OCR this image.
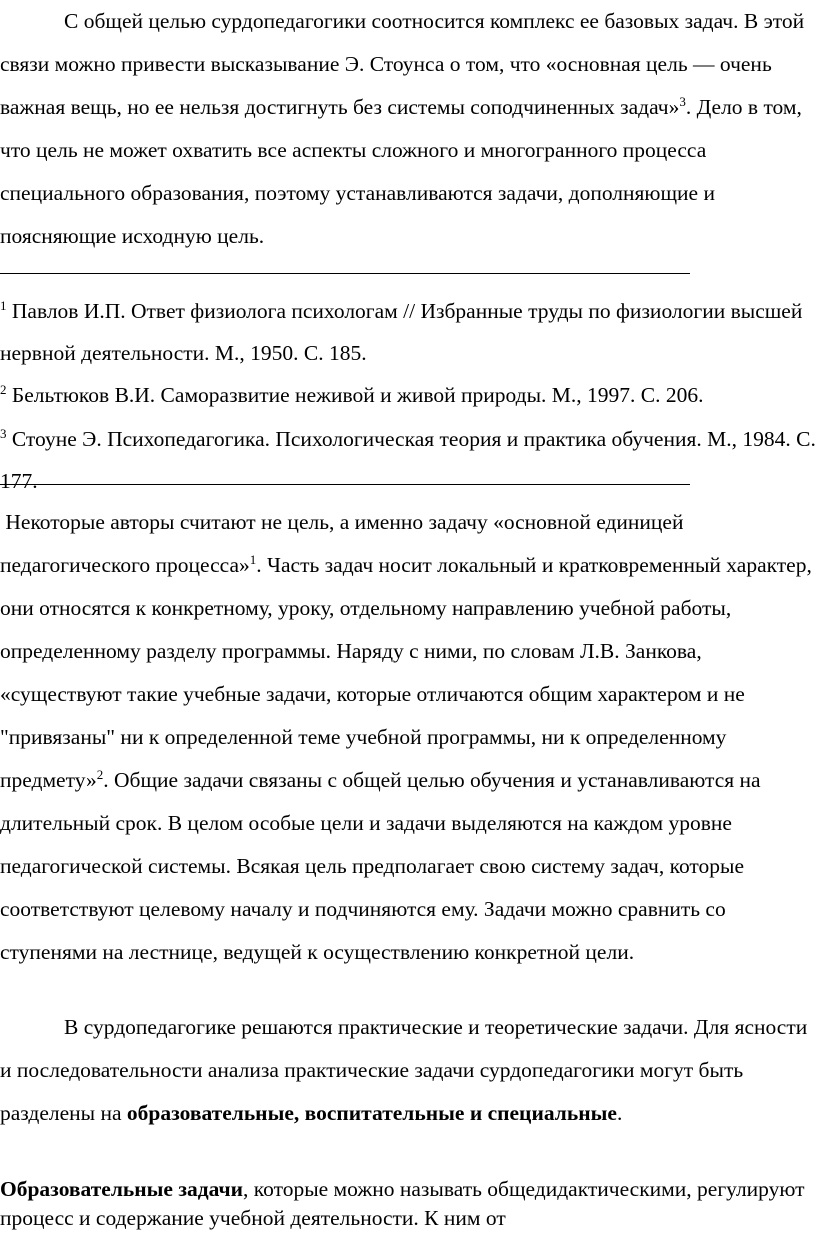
С общей целью сурдопедагогики соотносится комплекс ее базовых задач. В этой связи можно привести высказывание Э. Стоунса о том, что «основная цель — очень важная вещь, но ее нельзя достигнуть без системы соподчиненных задач»$^3$. Дело в том, что цель не может охватить все аспекты сложного и многогранного процесса специального образования, поэтому устанавливаются задачи, дополняющие и поясняющие исходную цель.

$^1$ Павлов И.П. Ответ физиолога психологам // Избранные труды по физиологии высшей нервной деятельности. М., 1950. С. 185.

$^2$ Бельтюков В.И. Саморазвитие неживой и живой природы. М., 1997. С. 206.

$^3$ Стоуне Э. Психопедагогика. Психологическая теория и практика обучения. М., 1984. С. 177.

Некоторые авторы считают не цель, а именно задачу «основной единицей педагогического процесса»$^1$. Часть задач носит локальный и кратковременный характер, они относятся к конкретному, уроку, отдельному направлению учебной работы, определенному разделу программы. Наряду с ними, по словам Л.В. Занкова, «существуют такие учебные задачи, которые отличаются общим характером и не "привязаны" ни к определенной теме учебной программы, ни к определенному предмету»$^2$. Общие задачи связаны с общей целью обучения и устанавливаются на длительный срок. В целом особые цели и задачи выделяются на каждом уровне педагогической системы. Всякая цель предполагает свою систему задач, которые соответствуют целевому началу и подчиняются ему. Задачи можно сравнить со ступенями на лестнице, ведущей к осуществлению конкретной цели.

В сурдопедагогике решаются практические и теоретические задачи. Для ясности и последовательности анализа практические задачи сурдопедагогики могут быть разделены на образовательные, воспитательные и специальные.

Образовательные задачи, которые можно называть общедидактическими, регулируют процесс и содержание учебной деятельности. К ним от
